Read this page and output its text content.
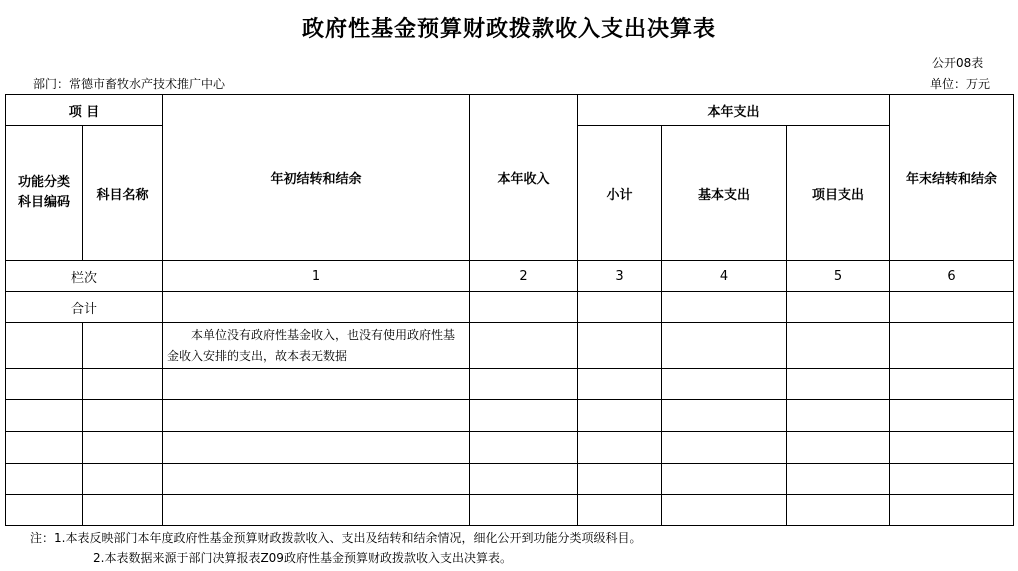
政府性基金预算财政拨款收入支出决算表
公开08表
部门：常德市畜牧水产技术推广中心	单位：万元
项 目		年初结转和结余	本年收入	本年支出			年末结转和结余

功能分类科目编码	科目名称			小计	基本支出	项目支出	
栏次		1	2	3	4	5	6
合计							
		本单位没有政府性基金收入，也没有使用政府性基金收入安排的支出，故本表无数据					

注：1.本表反映部门本年度政府性基金预算财政拨款收入、支出及结转和结余情况，细化公开到功能分类项级科目。
2.本表数据来源于部门决算报表Z09政府性基金预算财政拨款收入支出决算表。
